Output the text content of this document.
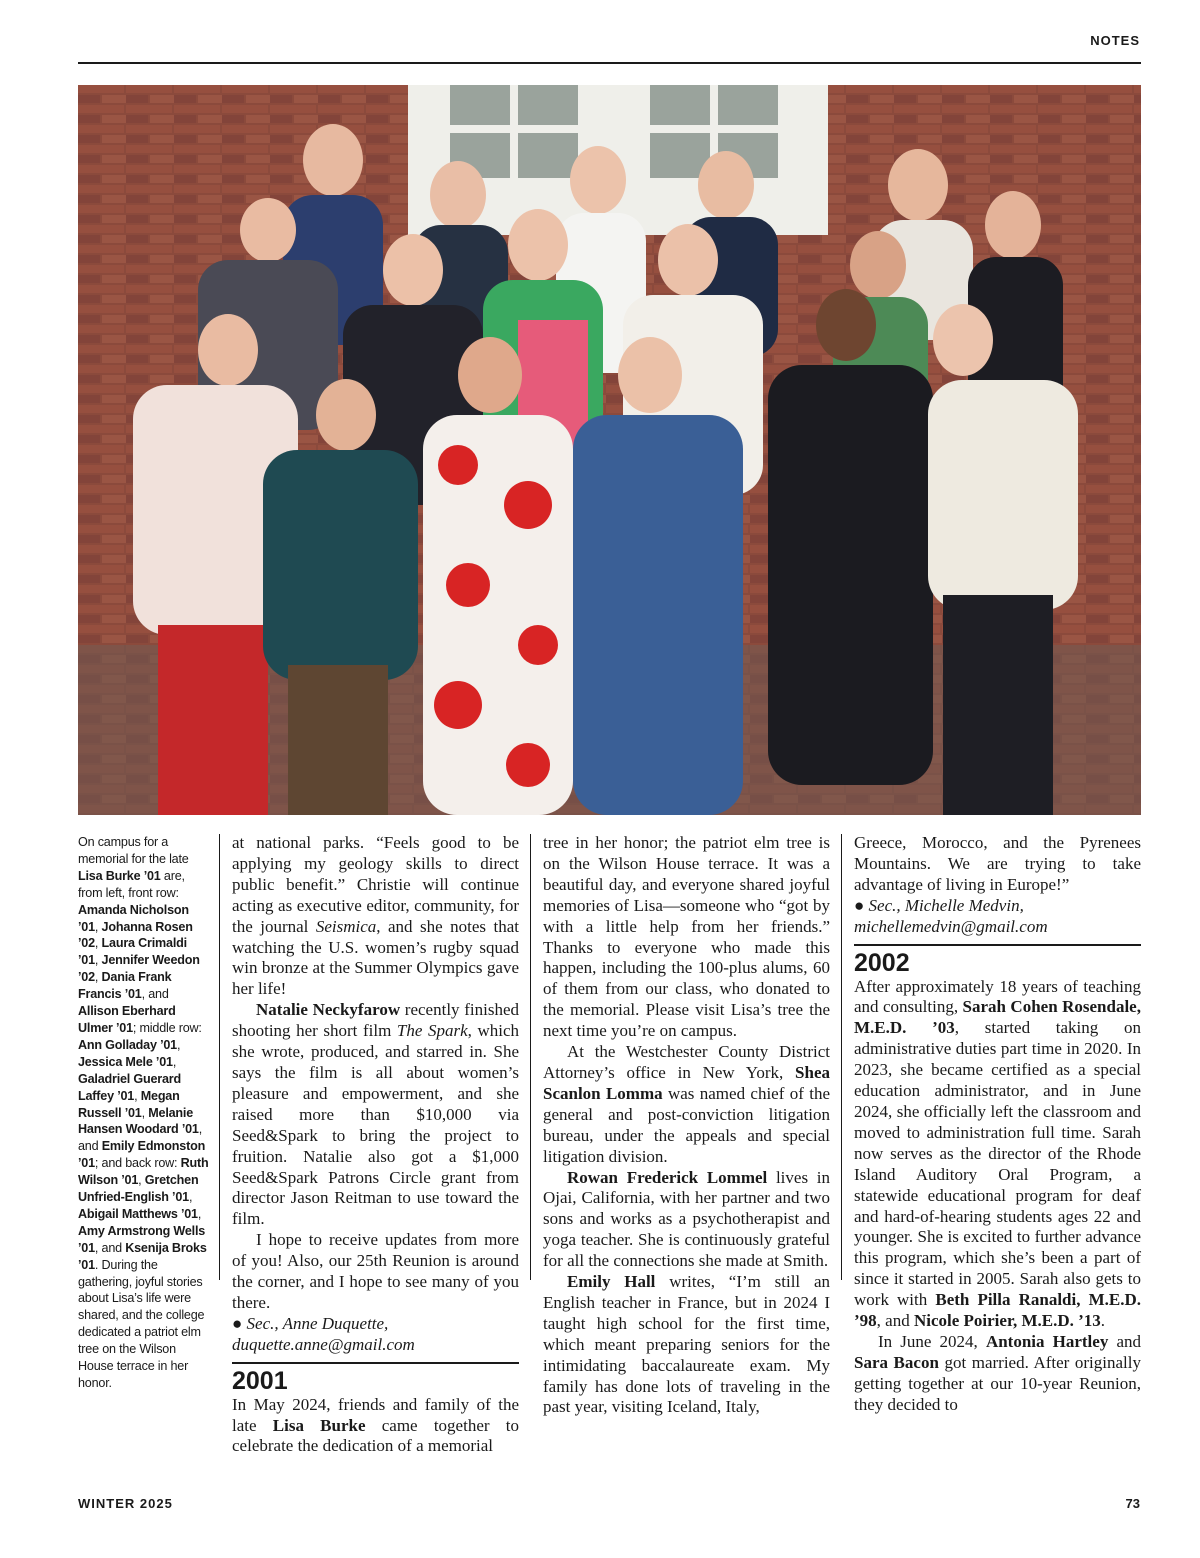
NOTES
On campus for a memorial for the late Lisa Burke ’01 are, from left, front row: Amanda Nicholson ’01, Johanna Rosen ’02, Laura Crimaldi ’01, Jennifer Weedon ’02, Dania Frank Francis ’01, and Allison Eberhard Ulmer ’01; middle row: Ann Golladay ’01, Jessica Mele ’01, Galadriel Guerard Laffey ’01, Megan Russell ’01, Melanie Hansen Woodard ’01, and Emily Edmonston ’01; and back row: Ruth Wilson ’01, Gretchen Unfried-English ’01, Abigail Matthews ’01, Amy Armstrong Wells ’01, and Ksenija Broks ’01. During the gathering, joyful stories about Lisa’s life were shared, and the college dedicated a patriot elm tree on the Wilson House terrace in her honor.

at national parks. “Feels good to be applying my geology skills to direct public benefit.” Christie will continue acting as executive editor, community, for the journal Seismica, and she notes that watching the U.S. women’s rugby squad win bronze at the Summer Olympics gave her life!

Natalie Neckyfarow recently finished shooting her short film The Spark, which she wrote, produced, and starred in. She says the film is all about women’s pleasure and empowerment, and she raised more than $10,000 via Seed&Spark to bring the project to fruition. Natalie also got a $1,000 Seed&Spark Patrons Circle grant from director Jason Reitman to use toward the film.

I hope to receive updates from more of you! Also, our 25th Reunion is around the corner, and I hope to see many of you there.

● Sec., Anne Duquette,

duquette.anne@gmail.com

2001

In May 2024, friends and family of the late Lisa Burke came together to celebrate the dedication of a memorial

tree in her honor; the patriot elm tree is on the Wilson House terrace. It was a beautiful day, and everyone shared joyful memories of Lisa—someone who “got by with a little help from her friends.” Thanks to everyone who made this happen, including the 100-plus alums, 60 of them from our class, who donated to the memorial. Please visit Lisa’s tree the next time you’re on campus.

At the Westchester County District Attorney’s office in New York, Shea Scanlon Lomma was named chief of the general and post-conviction litigation bureau, under the appeals and special litigation division.

Rowan Frederick Lommel lives in Ojai, California, with her partner and two sons and works as a psychotherapist and yoga teacher. She is continuously grateful for all the connections she made at Smith.

Emily Hall writes, “I’m still an English teacher in France, but in 2024 I taught high school for the first time, which meant preparing seniors for the intimidating baccalaureate exam. My family has done lots of traveling in the past year, visiting Iceland, Italy,

Greece, Morocco, and the Pyrenees Mountains. We are trying to take advantage of living in Europe!”

● Sec., Michelle Medvin,

michellemedvin@gmail.com

2002

After approximately 18 years of teaching and consulting, Sarah Cohen Rosendale, M.E.D. ’03, started taking on administrative duties part time in 2020. In 2023, she became certified as a special education administrator, and in June 2024, she officially left the classroom and moved to administration full time. Sarah now serves as the director of the Rhode Island Auditory Oral Program, a statewide educational program for deaf and hard-of-hearing students ages 22 and younger. She is excited to further advance this program, which she’s been a part of since it started in 2005. Sarah also gets to work with Beth Pilla Ranaldi, M.E.D. ’98, and Nicole Poirier, M.E.D. ’13.

In June 2024, Antonia Hartley and Sara Bacon got married. After originally getting together at our 10-year Reunion, they decided to

WINTER 2025	73
